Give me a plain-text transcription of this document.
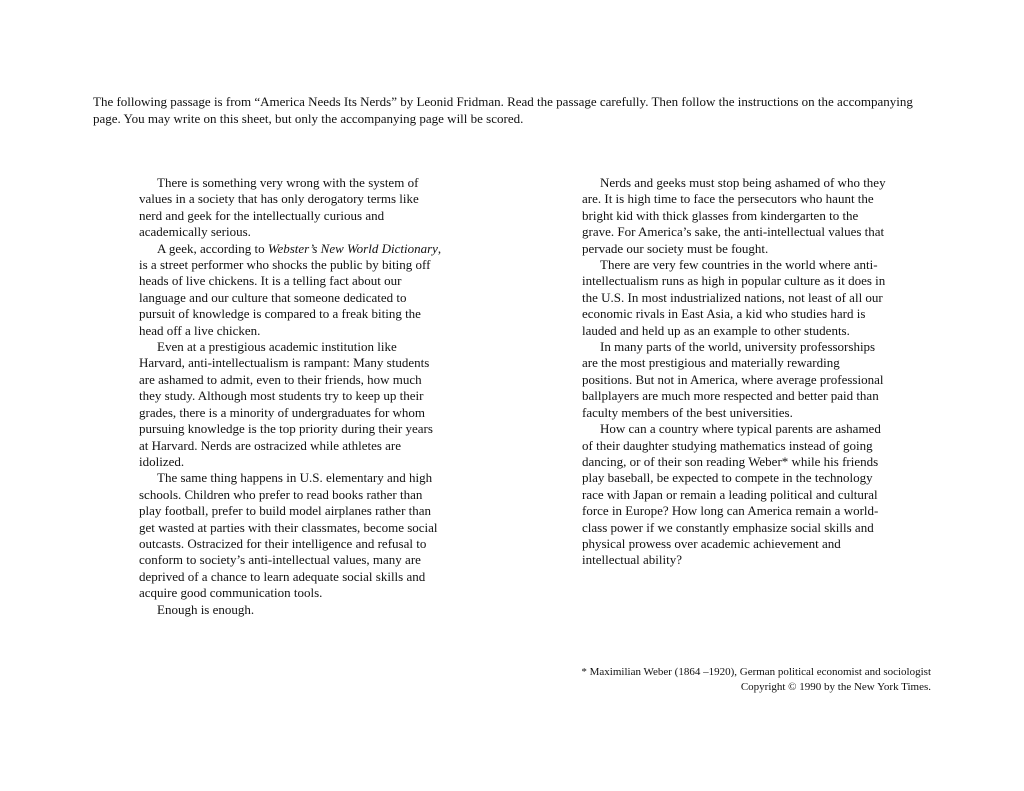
The following passage is from “America Needs Its Nerds” by Leonid Fridman. Read the passage carefully. Then follow the instructions on the accompanying page. You may write on this sheet, but only the accompanying page will be scored.

There is something very wrong with the system of values in a society that has only derogatory terms like nerd and geek for the intellectually curious and academically serious.

A geek, according to Webster’s New World Dictionary, is a street performer who shocks the public by biting off heads of live chickens. It is a telling fact about our language and our culture that someone dedicated to pursuit of knowledge is compared to a freak biting the head off a live chicken.

Even at a prestigious academic institution like Harvard, anti-intellectualism is rampant: Many students are ashamed to admit, even to their friends, how much they study. Although most students try to keep up their grades, there is a minority of undergraduates for whom pursuing knowledge is the top priority during their years at Harvard. Nerds are ostracized while athletes are idolized.

The same thing happens in U.S. elementary and high schools. Children who prefer to read books rather than play football, prefer to build model airplanes rather than get wasted at parties with their classmates, become social outcasts. Ostracized for their intelligence and refusal to conform to society’s anti-intellectual values, many are deprived of a chance to learn adequate social skills and acquire good communication tools.

Enough is enough.

Nerds and geeks must stop being ashamed of who they are. It is high time to face the persecutors who haunt the bright kid with thick glasses from kindergarten to the grave. For America’s sake, the anti-intellectual values that pervade our society must be fought.

There are very few countries in the world where anti-intellectualism runs as high in popular culture as it does in the U.S. In most industrialized nations, not least of all our economic rivals in East Asia, a kid who studies hard is lauded and held up as an example to other students.

In many parts of the world, university professorships are the most prestigious and materially rewarding positions. But not in America, where average professional ballplayers are much more respected and better paid than faculty members of the best universities.

How can a country where typical parents are ashamed of their daughter studying mathematics instead of going dancing, or of their son reading Weber* while his friends play baseball, be expected to compete in the technology race with Japan or remain a leading political and cultural force in Europe? How long can America remain a world-class power if we constantly emphasize social skills and physical prowess over academic achievement and intellectual ability?

* Maximilian Weber (1864 –1920), German political economist and sociologist
Copyright © 1990 by the New York Times.
